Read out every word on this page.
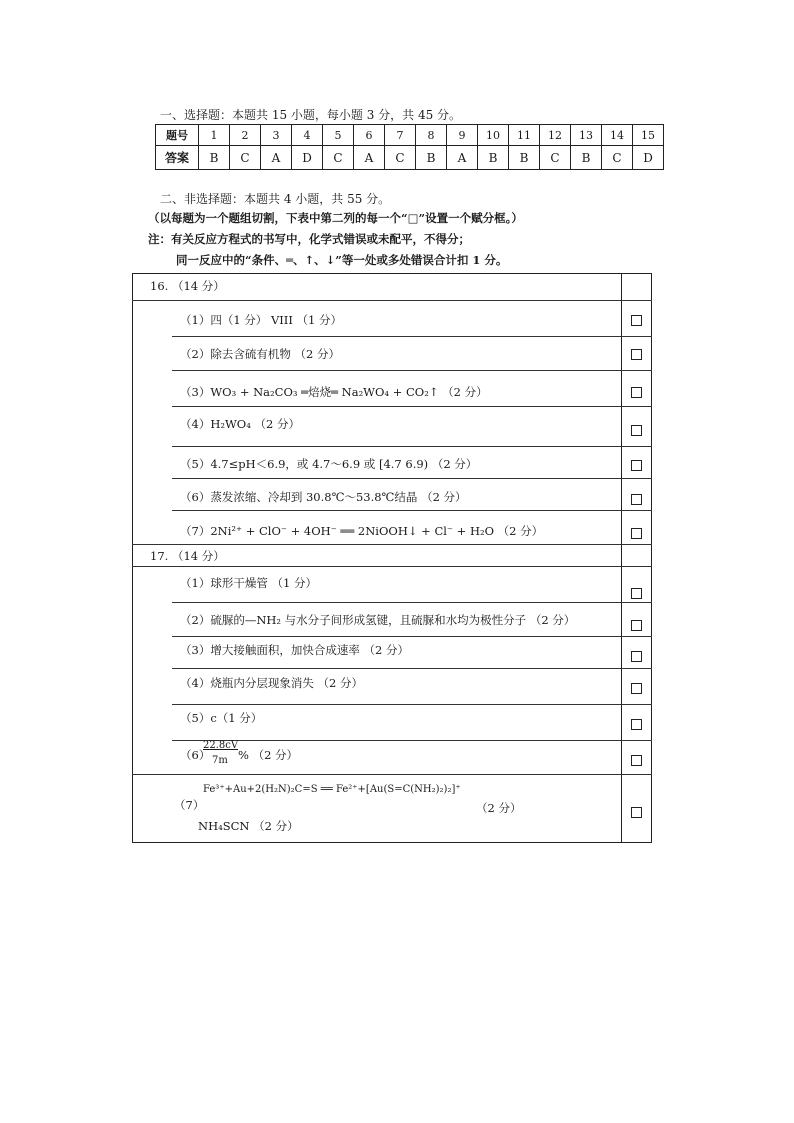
一、选择题：本题共 15 小题，每小题 3 分，共 45 分。
题号	1	2	3	4	5	6	7	8	9	10	11	12	13	14	15
答案	B	C	A	D	C	A	C	B	A	B	B	C	B	C	D
二、非选择题：本题共 4 小题，共 55 分。
（以每题为一个题组切割，下表中第二列的每一个“□”设置一个赋分框。）
注：有关反应方程式的书写中，化学式错误或未配平，不得分；
同一反应中的“条件、═、↑、↓”等一处或多处错误合计扣 1 分。
16. （14 分）
（1）四（1 分） VIII （1 分）
（2）除去含硫有机物 （2 分）
（3）WO₃ + Na₂CO₃ ═焙烧═ Na₂WO₄ + CO₂↑ （2 分）
（4）H₂WO₄ （2 分）
（5）4.7≤pH＜6.9，或 4.7～6.9 或 [4.7 6.9) （2 分）
（6）蒸发浓缩、冷却到 30.8℃～53.8℃结晶 （2 分）
（7）2Ni²⁺ + ClO⁻ + 4OH⁻ ══ 2NiOOH↓ + Cl⁻ + H₂O （2 分）
17. （14 分）
（1）球形干燥管 （1 分）
（2）硫脲的—NH₂ 与水分子间形成氢键，且硫脲和水均为极性分子 （2 分）
（3）增大接触面积，加快合成速率 （2 分）
（4）烧瓶内分层现象消失 （2 分）
（5）c（1 分）
（6）
22.8cV
7m % （2 分）
（7）
Fe³⁺+Au+2(H₂N)₂C=S ══ Fe²⁺+[Au(S=C(NH₂)₂)₂]⁺
（2 分）
NH₄SCN （2 分）
